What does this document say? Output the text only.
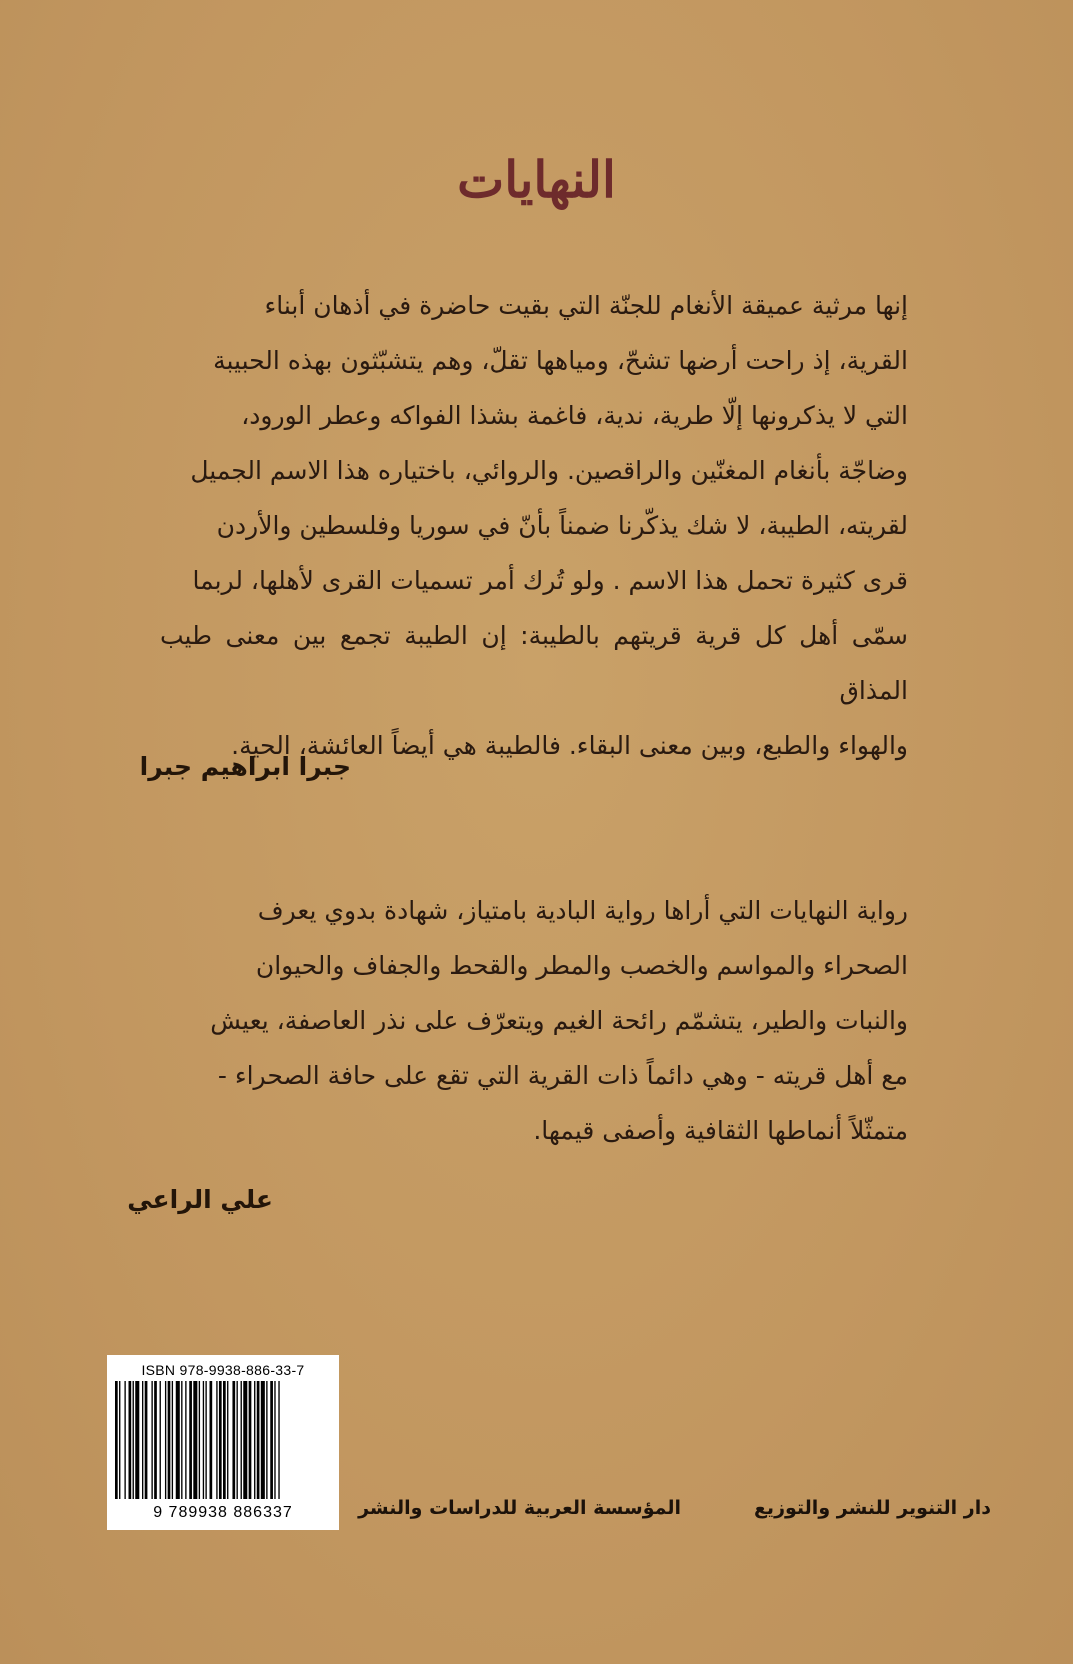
النهايات

إنها مرثية عميقة الأنغام للجنّة التي بقيت حاضرة في أذهان أبناء

القرية، إذ راحت أرضها تشحّ، ومياهها تقلّ، وهم يتشبّثون بهذه الحبيبة

التي لا يذكرونها إلّا طرية، ندية، فاغمة بشذا الفواكه وعطر الورود،

وضاجّة بأنغام المغنّين والراقصين. والروائي، باختياره هذا الاسم الجميل

لقريته، الطيبة، لا شك يذكّرنا ضمناً بأنّ في سوريا وفلسطين والأردن

قرى كثيرة تحمل هذا الاسم . ولو تُرك أمر تسميات القرى لأهلها، لربما

سمّى أهل كل قرية قريتهم بالطيبة: إن الطيبة تجمع بين معنى طيب المذاق

والهواء والطبع، وبين معنى البقاء. فالطيبة هي أيضاً العائشة، الحية.

جبرا ابراهيم جبرا

رواية النهايات التي أراها رواية البادية بامتياز، شهادة بدوي يعرف

الصحراء والمواسم والخصب والمطر والقحط والجفاف والحيوان

والنبات والطير، يتشمّم رائحة الغيم ويتعرّف على نذر العاصفة، يعيش

مع أهل قريته - وهي دائماً ذات القرية التي تقع على حافة الصحراء -

متمثّلاً أنماطها الثقافية وأصفى قيمها.

علي الراعي

ISBN 978-9938-886-33-7
9 789938 886337	دار التنوير للنشر والتوزيع

المؤسسة العربية للدراسات والنشر
